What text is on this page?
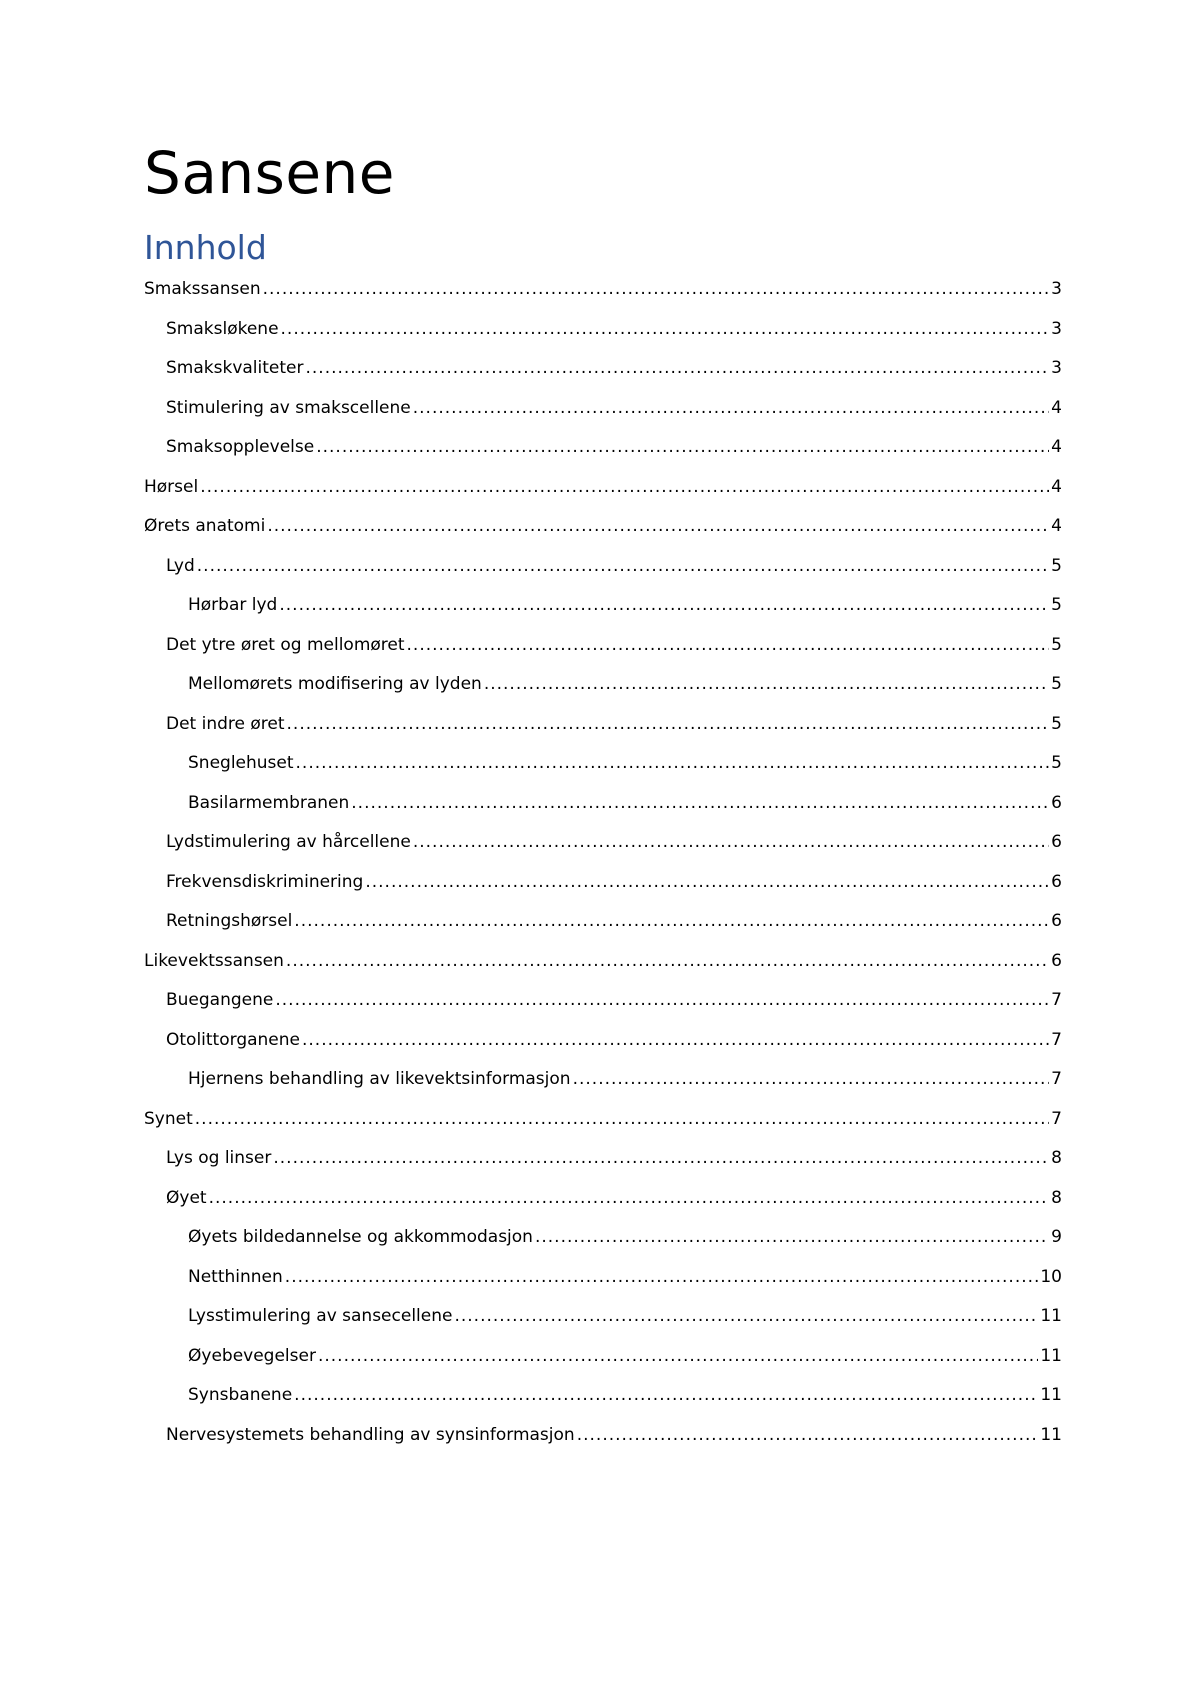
Sansene
Innhold
Smakssansen .....	3
Smaksløkene .....	3
Smakskvaliteter .....	3
Stimulering av smakscellene .....	4
Smaksopplevelse .....	4
Hørsel .....	4
Ørets anatomi .....	4
Lyd .....	5
Hørbar lyd .....	5
Det ytre øret og mellomøret .....	5
Mellomørets modifisering av lyden .....	5
Det indre øret .....	5
Sneglehuset .....	5
Basilarmembranen .....	6
Lydstimulering av hårcellene .....	6
Frekvensdiskriminering .....	6
Retningshørsel .....	6
Likevektssansen .....	6
Buegangene .....	7
Otolittorganene .....	7
Hjernens behandling av likevektsinformasjon .....	7
Synet .....	7
Lys og linser .....	8
Øyet .....	8
Øyets bildedannelse og akkommodasjon .....	9
Netthinnen .....	10
Lysstimulering av sansecellene .....	11
Øyebevegelser .....	11
Synsbanene .....	11
Nervesystemets behandling av synsinformasjon .....	11
